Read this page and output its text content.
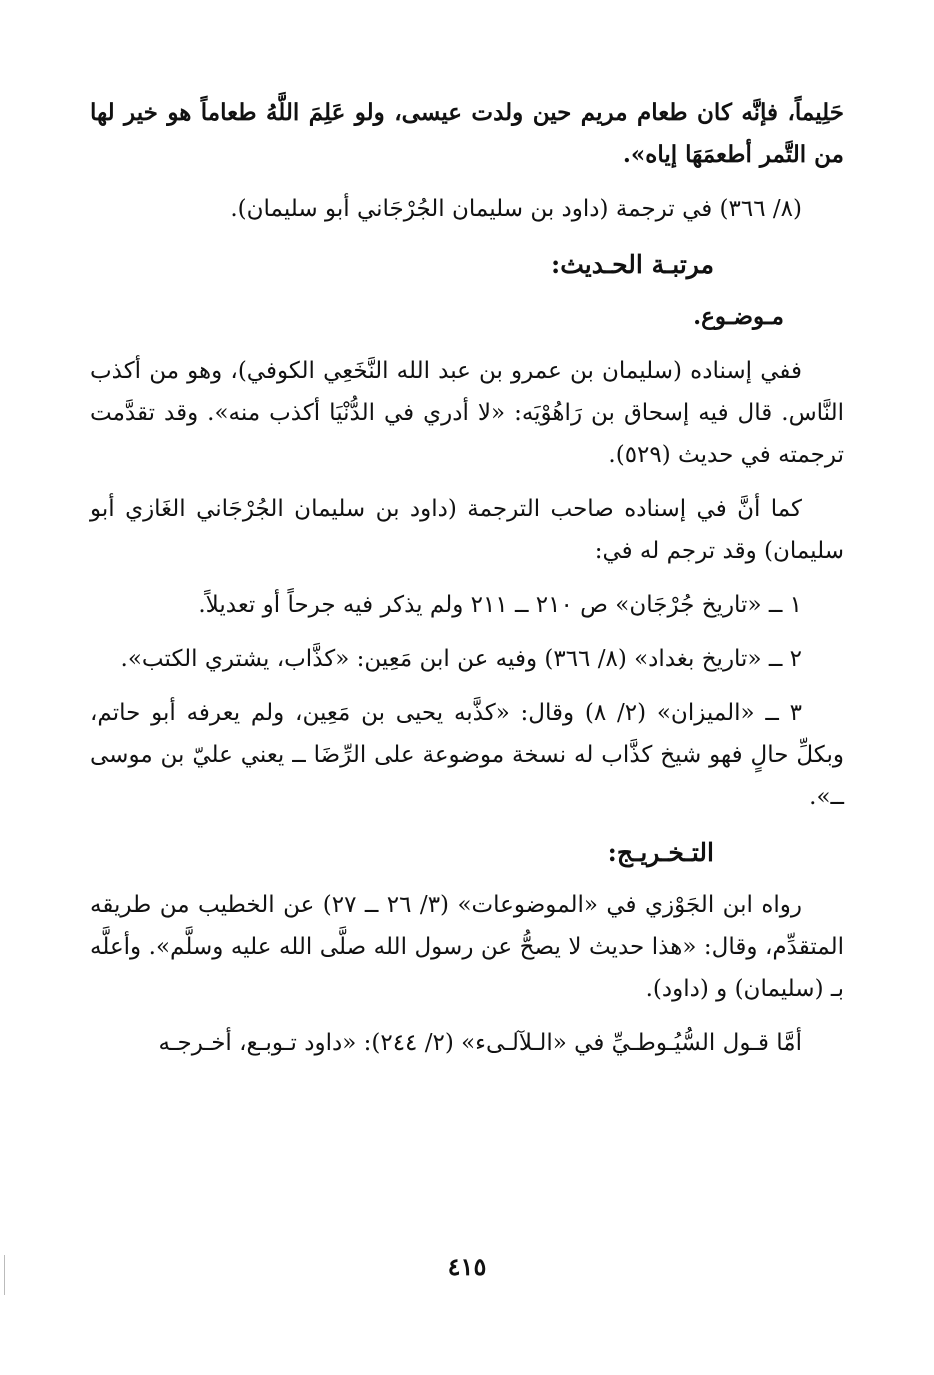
حَلِيماً، فإنَّه كان طعام مريم حين ولدت عيسى، ولو عَلِمَ اللَّهُ طعاماً هو خير لها من التَّمر أطعمَهَا إياه».

(٨/ ٣٦٦) في ترجمة (داود بن سليمان الجُرْجَاني أبو سليمان).

مرتبـة الحـديث:

مـوضـوع.

ففي إسناده (سليمان بن عمرو بن عبد الله النَّخَعِي الكوفي)، وهو من أكذب النَّاس. قال فيه إسحاق بن رَاهُوْيَه: «لا أدري في الدُّنْيَا أكذب منه». وقد تقدَّمت ترجمته في حديث (٥٢٩).

كما أنَّ في إسناده صاحب الترجمة (داود بن سليمان الجُرْجَاني الغَازي أبو سليمان) وقد ترجم له في:

١ ــ «تاريخ جُرْجَان» ص ٢١٠ ــ ٢١١ ولم يذكر فيه جرحاً أو تعديلاً.

٢ ــ «تاريخ بغداد» (٨/ ٣٦٦) وفيه عن ابن مَعِين: «كذَّاب، يشتري الكتب».

٣ ــ «الميزان» (٢/ ٨) وقال: «كذَّبه يحيى بن مَعِين، ولم يعرفه أبو حاتم، وبكلِّ حالٍ فهو شيخ كذَّاب له نسخة موضوعة على الرِّضَا ــ يعني عليّ بن موسى ــ».

التـخـريـج:

رواه ابن الجَوْزي في «الموضوعات» (٣/ ٢٦ ــ ٢٧) عن الخطيب من طريقه المتقدِّم، وقال: «هذا حديث لا يصحُّ عن رسول الله صلَّى الله عليه وسلَّم». وأعلَّه بـ (سليمان) و (داود).

أمَّا قـول السُّيُـوطـيِّ في «الـلآلـىء» (٢/ ٢٤٤): «داود تـوبـع، أخـرجـه

٤١٥
